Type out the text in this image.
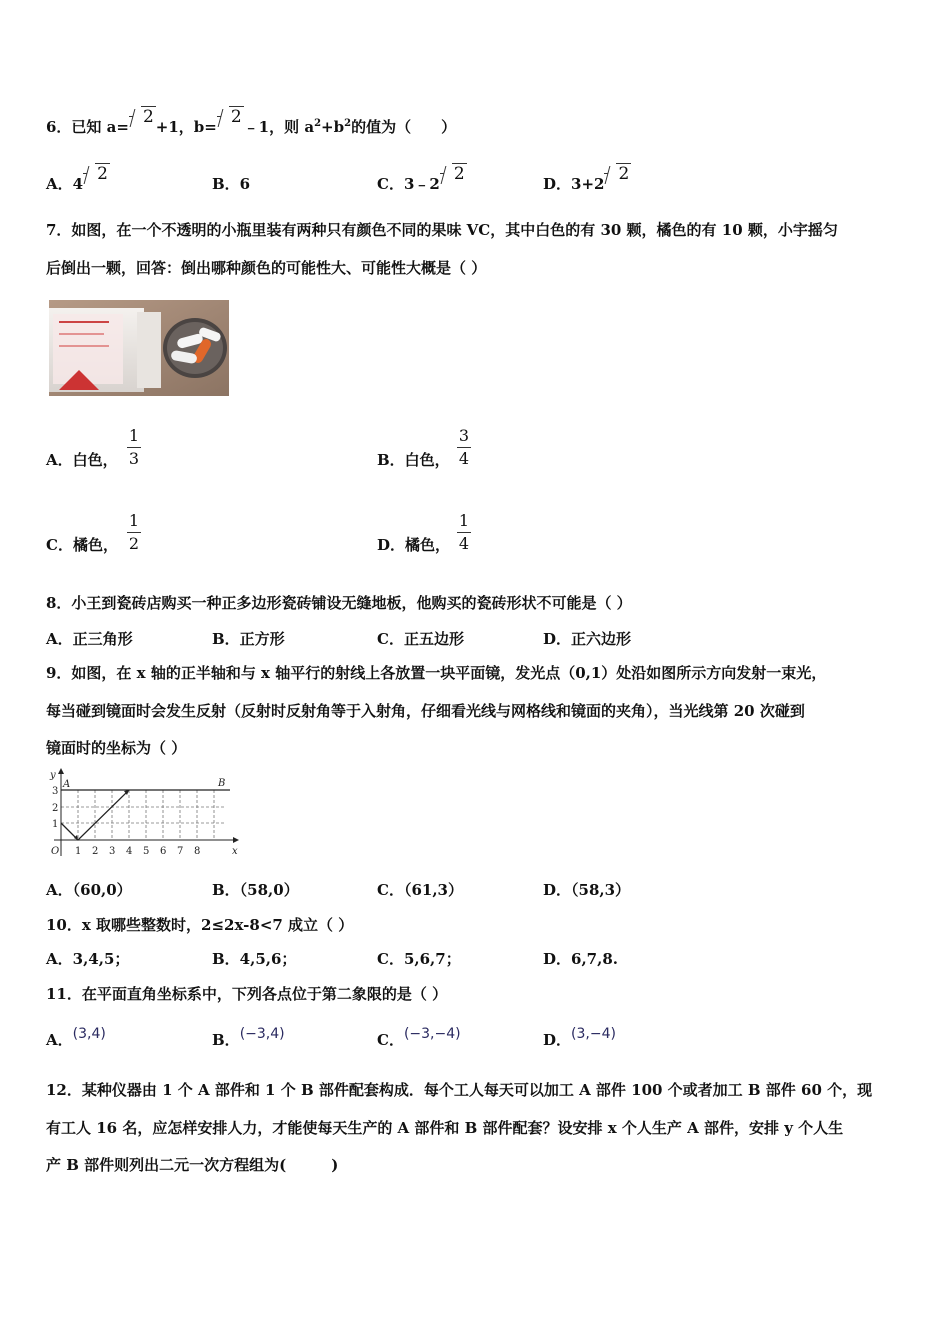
6．已知 a= 2 +1，b= 2 ﹣1，则 $a^2+b^2$的值为（　　）
A．4 2	B．6	C．3﹣2 2	D．3+2 2
7．如图，在一个不透明的小瓶里装有两种只有颜色不同的果味 VC，其中白色的有 30 颗，橘色的有 10 颗，小宇摇匀
后倒出一颗，回答：倒出哪种颜色的可能性大、可能性大概是（ ）
A．白色，
1
3	B．白色，
3
4
C．橘色，
1
2	D．橘色，
1
4
8．小王到瓷砖店购买一种正多边形瓷砖铺设无缝地板，他购买的瓷砖形状不可能是（ ）
A．正三角形	B．正方形	C．正五边形	D．正六边形
9．如图，在 x 轴的正半轴和与 x 轴平行的射线上各放置一块平面镜，发光点（0,1）处沿如图所示方向发射一束光，
每当碰到镜面时会发生反射（反射时反射角等于入射角，仔细看光线与网格线和镜面的夹角），当光线第 20 次碰到
镜面时的坐标为（ ）
y
x
O
A	B
1 2 3 4 5 6 7 8
1
2
3
A．（60,0）	B．（58,0）	C．（61,3）	D．（58,3）
10．x 取哪些整数时，2≤2x-8<7 成立（ ）
A．3,4,5；	B．4,5,6；	C．5,6,7；	D．6,7,8.
11．在平面直角坐标系中，下列各点位于第二象限的是（ ）
A．(3,4)	B．(−3,4)	C．(−3,−4)	D．(3,−4)
12．某种仪器由 1 个 A 部件和 1 个 B 部件配套构成．每个工人每天可以加工 A 部件 100 个或者加工 B 部件 60 个，现
有工人 16 名，应怎样安排人力，才能使每天生产的 A 部件和 B 部件配套？设安排 x 个人生产 A 部件，安排 y 个人生
产 B 部件则列出二元一次方程组为(　　　)
